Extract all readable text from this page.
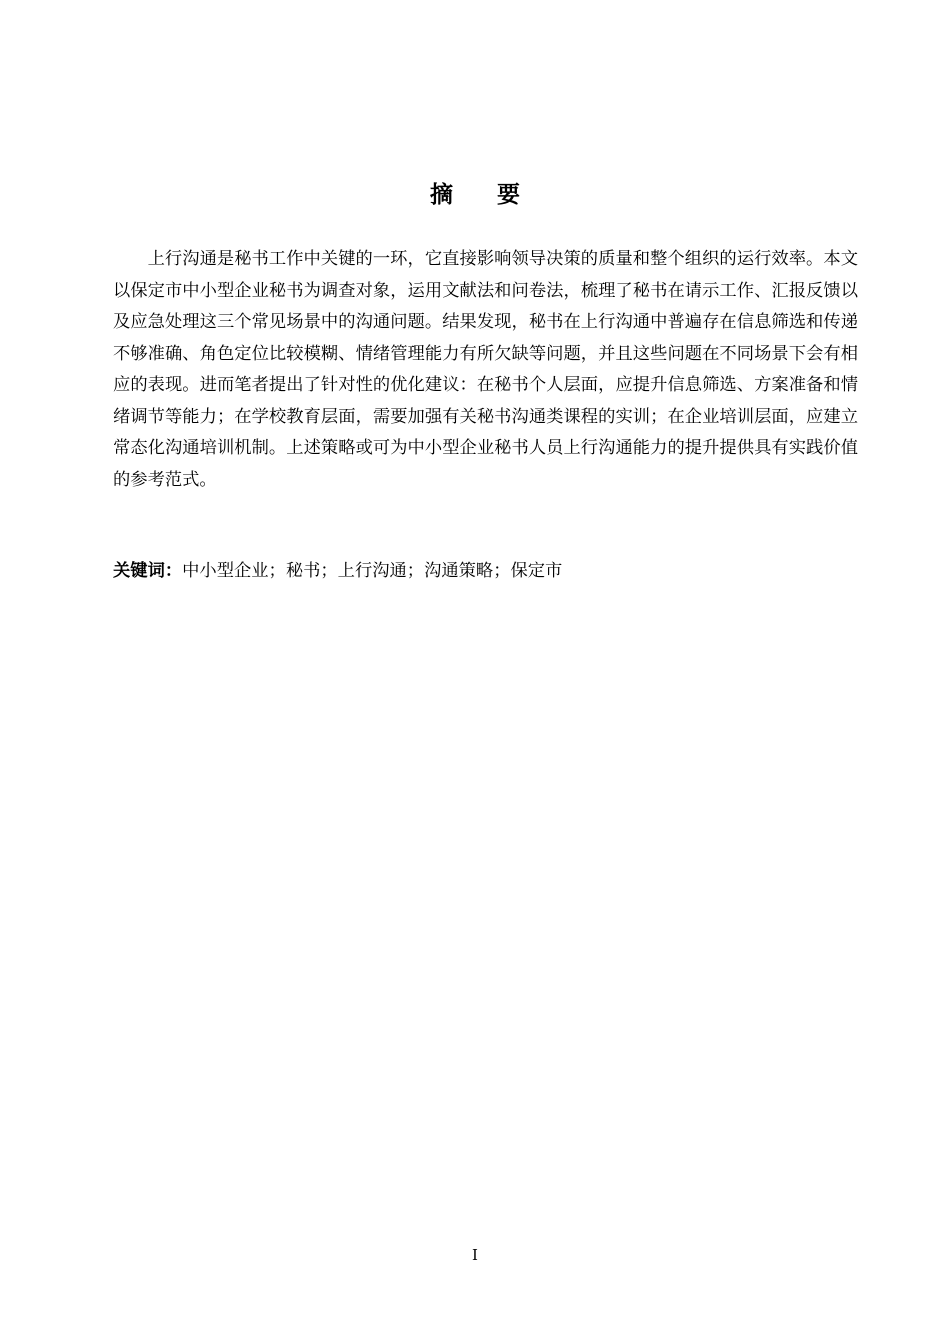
摘要

上行沟通是秘书工作中关键的一环，它直接影响领导决策的质量和整个组织的运行效率。本文以保定市中小型企业秘书为调查对象，运用文献法和问卷法，梳理了秘书在请示工作、汇报反馈以及应急处理这三个常见场景中的沟通问题。结果发现，秘书在上行沟通中普遍存在信息筛选和传递不够准确、角色定位比较模糊、情绪管理能力有所欠缺等问题，并且这些问题在不同场景下会有相应的表现。进而笔者提出了针对性的优化建议：在秘书个人层面，应提升信息筛选、方案准备和情绪调节等能力；在学校教育层面，需要加强有关秘书沟通类课程的实训；在企业培训层面，应建立常态化沟通培训机制。上述策略或可为中小型企业秘书人员上行沟通能力的提升提供具有实践价值的参考范式。

关键词：中小型企业；秘书；上行沟通；沟通策略；保定市

I
